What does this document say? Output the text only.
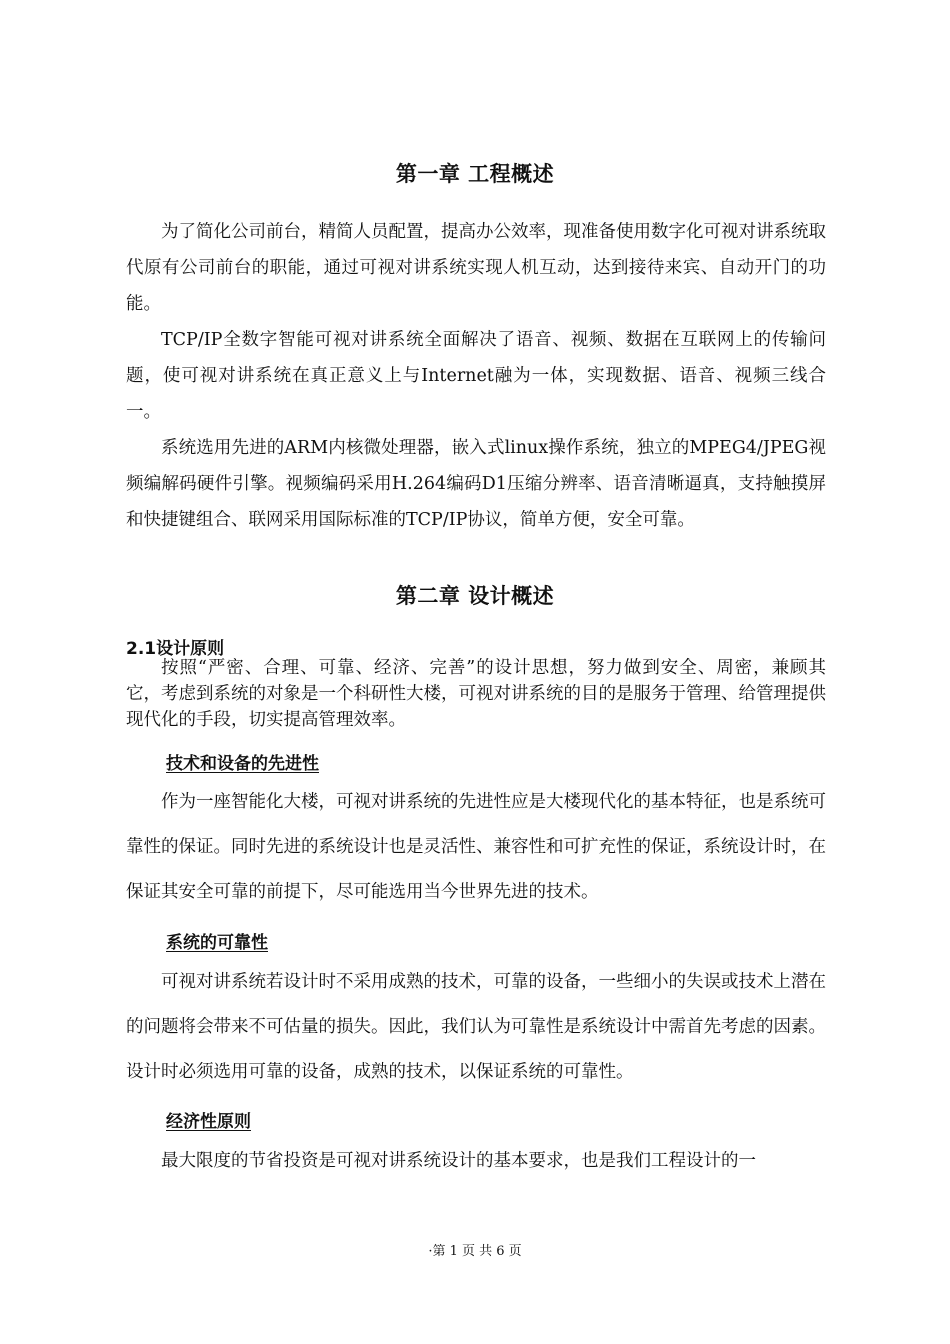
第一章 工程概述

为了简化公司前台，精简人员配置，提高办公效率，现准备使用数字化可视对讲系统取代原有公司前台的职能，通过可视对讲系统实现人机互动，达到接待来宾、自动开门的功能。

TCP/IP全数字智能可视对讲系统全面解决了语音、视频、数据在互联网上的传输问题，使可视对讲系统在真正意义上与Internet融为一体，实现数据、语音、视频三线合一。

系统选用先进的ARM内核微处理器，嵌入式linux操作系统，独立的MPEG4/JPEG视频编解码硬件引擎。视频编码采用H.264编码D1压缩分辨率、语音清晰逼真，支持触摸屏和快捷键组合、联网采用国际标准的TCP/IP协议，简单方便，安全可靠。

第二章 设计概述
2.1设计原则

按照“严密、合理、可靠、经济、完善”的设计思想，努力做到安全、周密，兼顾其它，考虑到系统的对象是一个科研性大楼，可视对讲系统的目的是服务于管理、给管理提供现代化的手段，切实提高管理效率。

技术和设备的先进性

作为一座智能化大楼，可视对讲系统的先进性应是大楼现代化的基本特征，也是系统可靠性的保证。同时先进的系统设计也是灵活性、兼容性和可扩充性的保证，系统设计时，在保证其安全可靠的前提下，尽可能选用当今世界先进的技术。

系统的可靠性

可视对讲系统若设计时不采用成熟的技术，可靠的设备，一些细小的失误或技术上潜在的问题将会带来不可估量的损失。因此，我们认为可靠性是系统设计中需首先考虑的因素。设计时必须选用可靠的设备，成熟的技术，以保证系统的可靠性。

经济性原则

最大限度的节省投资是可视对讲系统设计的基本要求，也是我们工程设计的一

·第 1 页 共 6 页
